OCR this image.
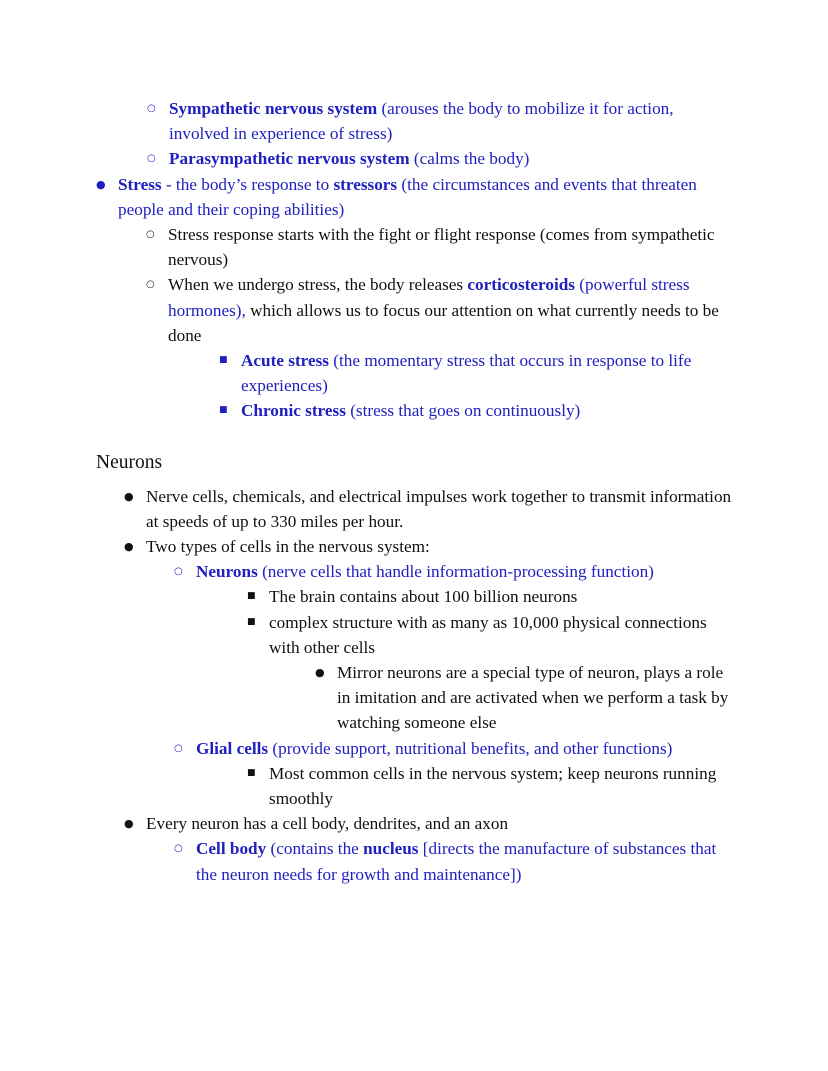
○ Sympathetic nervous system (arouses the body to mobilize it for action, involved in experience of stress)
○ Parasympathetic nervous system (calms the body)
● Stress - the body’s response to stressors (the circumstances and events that threaten people and their coping abilities)
○ Stress response starts with the fight or flight response (comes from sympathetic nervous)
○ When we undergo stress, the body releases corticosteroids (powerful stress hormones), which allows us to focus our attention on what currently needs to be done
■ Acute stress (the momentary stress that occurs in response to life experiences)
■ Chronic stress (stress that goes on continuously)
Neurons
● Nerve cells, chemicals, and electrical impulses work together to transmit information at speeds of up to 330 miles per hour.
● Two types of cells in the nervous system:
○ Neurons (nerve cells that handle information-processing function)
■ The brain contains about 100 billion neurons
■ complex structure with as many as 10,000 physical connections with other cells
● Mirror neurons are a special type of neuron, plays a role in imitation and are activated when we perform a task by watching someone else
○ Glial cells (provide support, nutritional benefits, and other functions)
■ Most common cells in the nervous system; keep neurons running smoothly
● Every neuron has a cell body, dendrites, and an axon
○ Cell body (contains the nucleus [directs the manufacture of substances that the neuron needs for growth and maintenance])
